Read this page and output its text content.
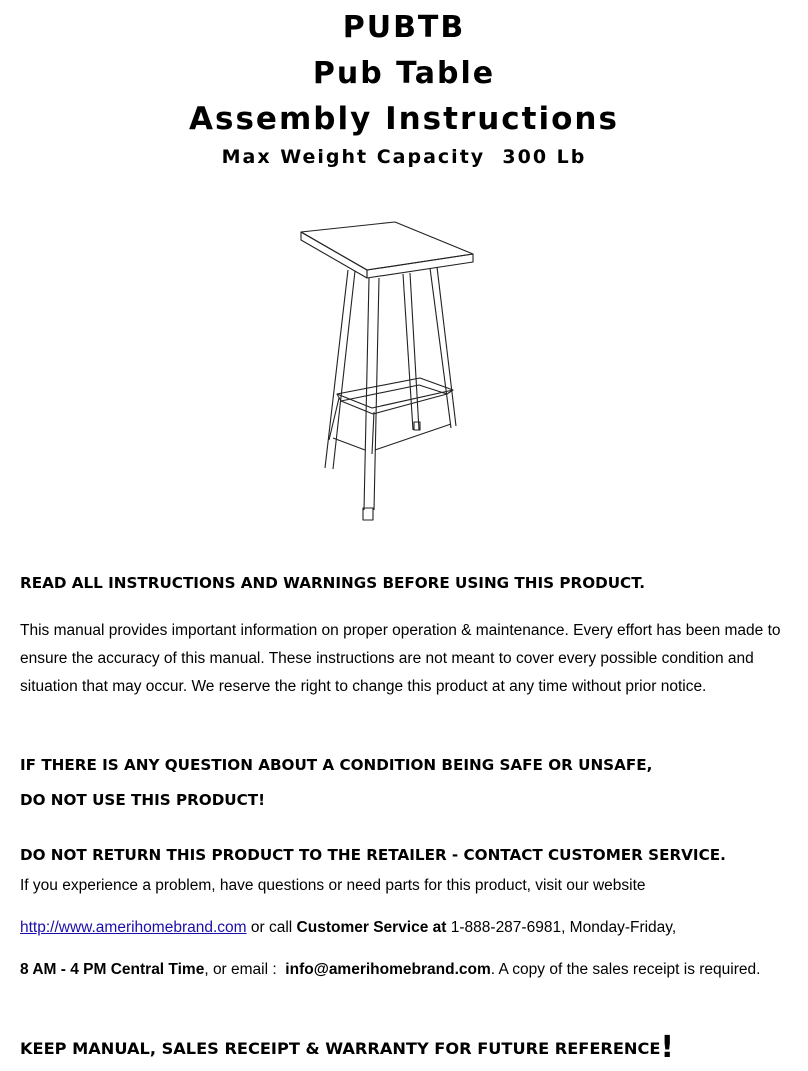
PUBTB
Pub Table
Assembly Instructions
Max Weight Capacity  300 Lb
READ ALL INSTRUCTIONS AND WARNINGS BEFORE USING THIS PRODUCT.

This manual provides important information on proper operation & maintenance. Every effort has been made to ensure the accuracy of this manual. These instructions are not meant to cover every possible condition and situation that may occur. We reserve the right to change this product at any time without prior notice.

IF THERE IS ANY QUESTION ABOUT A CONDITION BEING SAFE OR UNSAFE,
DO NOT USE THIS PRODUCT!
DO NOT RETURN THIS PRODUCT TO THE RETAILER - CONTACT CUSTOMER SERVICE.
If you experience a problem, have questions or need parts for this product, visit our website
http://www.amerihomebrand.com or call Customer Service at 1-888-287-6981, Monday-Friday,
8 AM - 4 PM Central Time, or email :  info@amerihomebrand.com. A copy of the sales receipt is required.
KEEP MANUAL, SALES RECEIPT & WARRANTY FOR FUTURE REFERENCE!
